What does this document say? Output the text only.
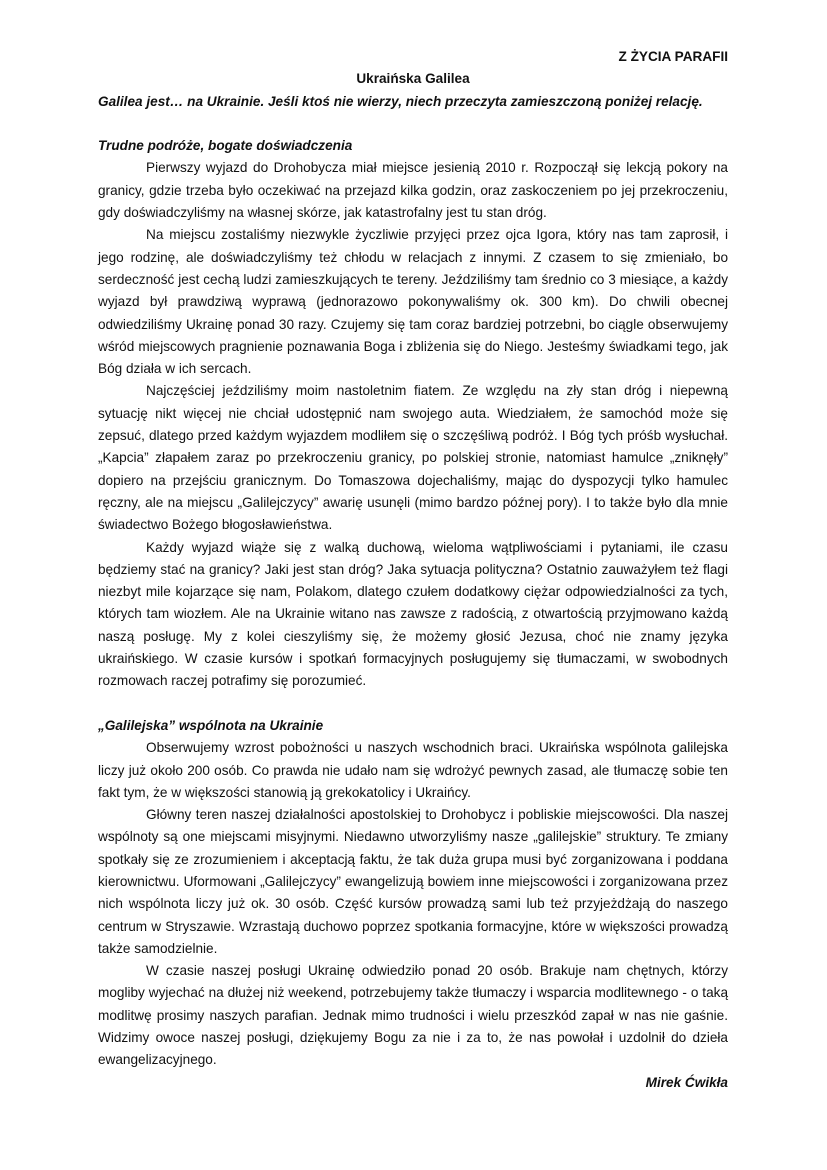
Z ŻYCIA PARAFII

Ukraińska Galilea

Galilea jest… na Ukrainie. Jeśli ktoś nie wierzy, niech przeczyta zamieszczoną poniżej relację.

Trudne podróże, bogate doświadczenia

Pierwszy wyjazd do Drohobycza miał miejsce jesienią 2010 r. Rozpoczął się lekcją pokory na granicy, gdzie trzeba było oczekiwać na przejazd kilka godzin, oraz zaskoczeniem po jej przekroczeniu, gdy doświadczyliśmy na własnej skórze, jak katastrofalny jest tu stan dróg.

Na miejscu zostaliśmy niezwykle życzliwie przyjęci przez ojca Igora, który nas tam zaprosił, i jego rodzinę, ale doświadczyliśmy też chłodu w relacjach z innymi. Z czasem to się zmieniało, bo serdeczność jest cechą ludzi zamieszkujących te tereny. Jeździliśmy tam średnio co 3 miesiące, a każdy wyjazd był prawdziwą wyprawą (jednorazowo pokonywaliśmy ok. 300 km). Do chwili obecnej odwiedziliśmy Ukrainę ponad 30 razy. Czujemy się tam coraz bardziej potrzebni, bo ciągle obserwujemy wśród miejscowych pragnienie poznawania Boga i zbliżenia się do Niego. Jesteśmy świadkami tego, jak Bóg działa w ich sercach.

Najczęściej jeździliśmy moim nastoletnim fiatem. Ze względu na zły stan dróg i niepewną sytuację nikt więcej nie chciał udostępnić nam swojego auta. Wiedziałem, że samochód może się zepsuć, dlatego przed każdym wyjazdem modliłem się o szczęśliwą podróż. I Bóg tych próśb wysłuchał. „Kapcia” złapałem zaraz po przekroczeniu granicy, po polskiej stronie, natomiast hamulce „zniknęły” dopiero na przejściu granicznym. Do Tomaszowa dojechaliśmy, mając do dyspozycji tylko hamulec ręczny, ale na miejscu „Galilejczycy” awarię usunęli (mimo bardzo późnej pory). I to także było dla mnie świadectwo Bożego błogosławieństwa.

Każdy wyjazd wiąże się z walką duchową, wieloma wątpliwościami i pytaniami, ile czasu będziemy stać na granicy? Jaki jest stan dróg? Jaka sytuacja polityczna? Ostatnio zauważyłem też flagi niezbyt mile kojarzące się nam, Polakom, dlatego czułem dodatkowy ciężar odpowiedzialności za tych, których tam wiozłem. Ale na Ukrainie witano nas zawsze z radością, z otwartością przyjmowano każdą naszą posługę. My z kolei cieszyliśmy się, że możemy głosić Jezusa, choć nie znamy języka ukraińskiego. W czasie kursów i spotkań formacyjnych posługujemy się tłumaczami, w swobodnych rozmowach raczej potrafimy się porozumieć.

„Galilejska” wspólnota na Ukrainie

Obserwujemy wzrost pobożności u naszych wschodnich braci. Ukraińska wspólnota galilejska liczy już około 200 osób. Co prawda nie udało nam się wdrożyć pewnych zasad, ale tłumaczę sobie ten fakt tym, że w większości stanowią ją grekokatolicy i Ukraińcy.

Główny teren naszej działalności apostolskiej to Drohobycz i pobliskie miejscowości. Dla naszej wspólnoty są one miejscami misyjnymi. Niedawno utworzyliśmy nasze „galilejskie” struktury. Te zmiany spotkały się ze zrozumieniem i akceptacją faktu, że tak duża grupa musi być zorganizowana i poddana kierownictwu. Uformowani „Galilejczycy” ewangelizują bowiem inne miejscowości i zorganizowana przez nich wspólnota liczy już ok. 30 osób. Część kursów prowadzą sami lub też przyjeżdżają do naszego centrum w Stryszawie. Wzrastają duchowo poprzez spotkania formacyjne, które w większości prowadzą także samodzielnie.

W czasie naszej posługi Ukrainę odwiedziło ponad 20 osób. Brakuje nam chętnych, którzy mogliby wyjechać na dłużej niż weekend, potrzebujemy także tłumaczy i wsparcia modlitewnego - o taką modlitwę prosimy naszych parafian. Jednak mimo trudności i wielu przeszkód zapał w nas nie gaśnie. Widzimy owoce naszej posługi, dziękujemy Bogu za nie i za to, że nas powołał i uzdolnił do dzieła ewangelizacyjnego.

Mirek Ćwikła
